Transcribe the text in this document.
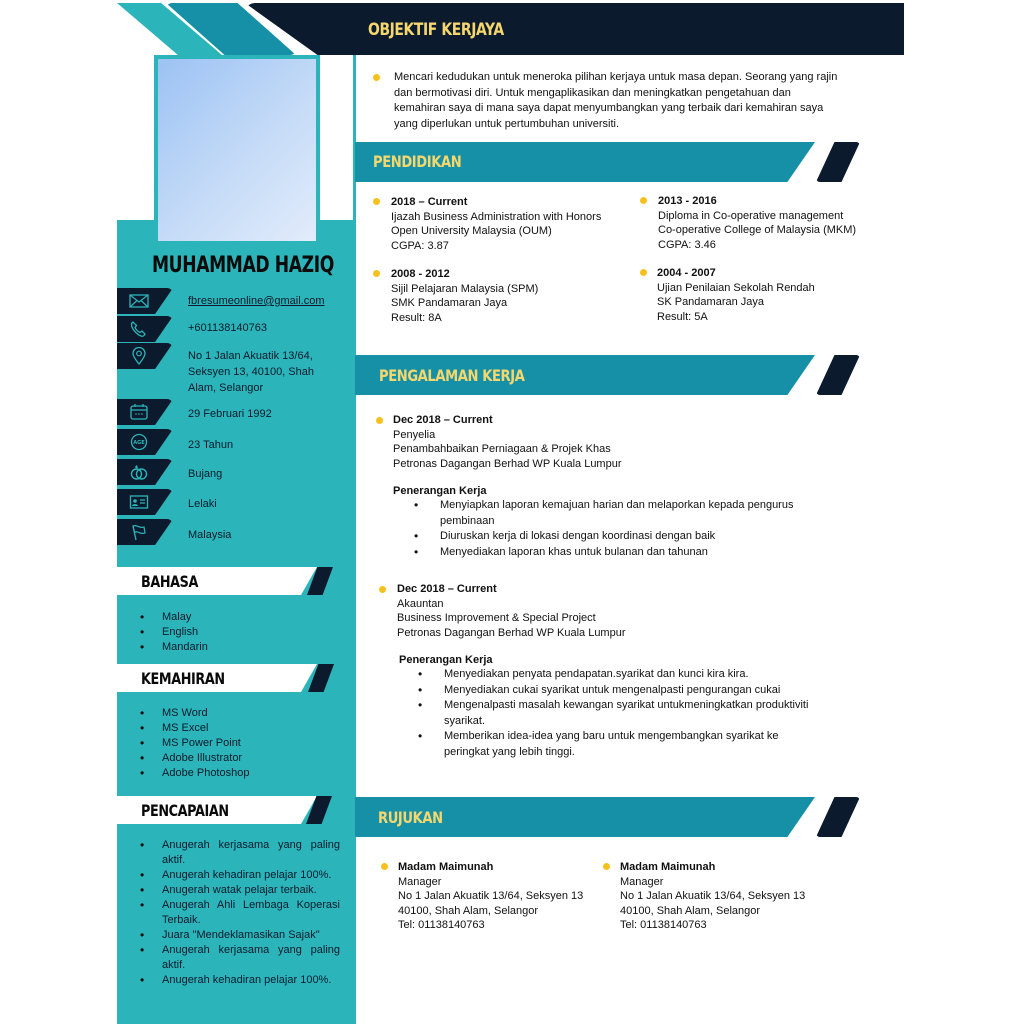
OBJEKTIF KERJAYA
MUHAMMAD HAZIQ
fbresumeonline@gmail.com
+601138140763
No 1 Jalan Akuatik 13/64, Seksyen 13, 40100, Shah Alam, Selangor
29 Februari 1992
AGE	23 Tahun
Bujang
Lelaki
Malaysia
BAHASA
• Malay
• English
• Mandarin
KEMAHIRAN
• MS Word
• MS Excel
• MS Power Point
• Adobe Illustrator
• Adobe Photoshop
PENCAPAIAN
• Anugerah kerjasama yang paling aktif.
• Anugerah kehadiran pelajar 100%.
• Anugerah watak pelajar terbaik.
• Anugerah Ahli Lembaga Koperasi Terbaik.
• Juara "Mendeklamasikan Sajak"
• Anugerah kerjasama yang paling aktif.
• Anugerah kehadiran pelajar 100%.
Mencari kedudukan untuk meneroka pilihan kerjaya untuk masa depan. Seorang yang rajin dan bermotivasi diri. Untuk mengaplikasikan dan meningkatkan pengetahuan dan kemahiran saya di mana saya dapat menyumbangkan yang terbaik dari kemahiran saya yang diperlukan untuk pertumbuhan universiti.
PENDIDIKAN
2018 – Current
Ijazah Business Administration with Honors
Open University Malaysia (OUM)
CGPA: 3.87
2013 - 2016
Diploma in Co-operative management
Co-operative College of Malaysia (MKM)
CGPA: 3.46
2008 - 2012
Sijil Pelajaran Malaysia (SPM)
SMK Pandamaran Jaya
Result: 8A
2004 - 2007
Ujian Penilaian Sekolah Rendah
SK Pandamaran Jaya
Result: 5A
PENGALAMAN KERJA
Dec 2018 – Current
Penyelia
Penambahbaikan Perniagaan & Projek Khas
Petronas Dagangan Berhad WP Kuala Lumpur
Penerangan Kerja
• Menyiapkan laporan kemajuan harian dan melaporkan kepada pengurus pembinaan
• Diuruskan kerja di lokasi dengan koordinasi dengan baik
• Menyediakan laporan khas untuk bulanan dan tahunan
Dec 2018 – Current
Akauntan
Business Improvement & Special Project
Petronas Dagangan Berhad WP Kuala Lumpur
Penerangan Kerja
• Menyediakan penyata pendapatan.syarikat dan kunci kira kira.
• Menyediakan cukai syarikat untuk mengenalpasti pengurangan cukai
• Mengenalpasti masalah kewangan syarikat untukmeningkatkan produktiviti syarikat.
• Memberikan idea-idea yang baru untuk mengembangkan syarikat ke peringkat yang lebih tinggi.
RUJUKAN
Madam Maimunah
Manager
No 1 Jalan Akuatik 13/64, Seksyen 13
40100, Shah Alam, Selangor
Tel: 01138140763
Madam Maimunah
Manager
No 1 Jalan Akuatik 13/64, Seksyen 13
40100, Shah Alam, Selangor
Tel: 01138140763
